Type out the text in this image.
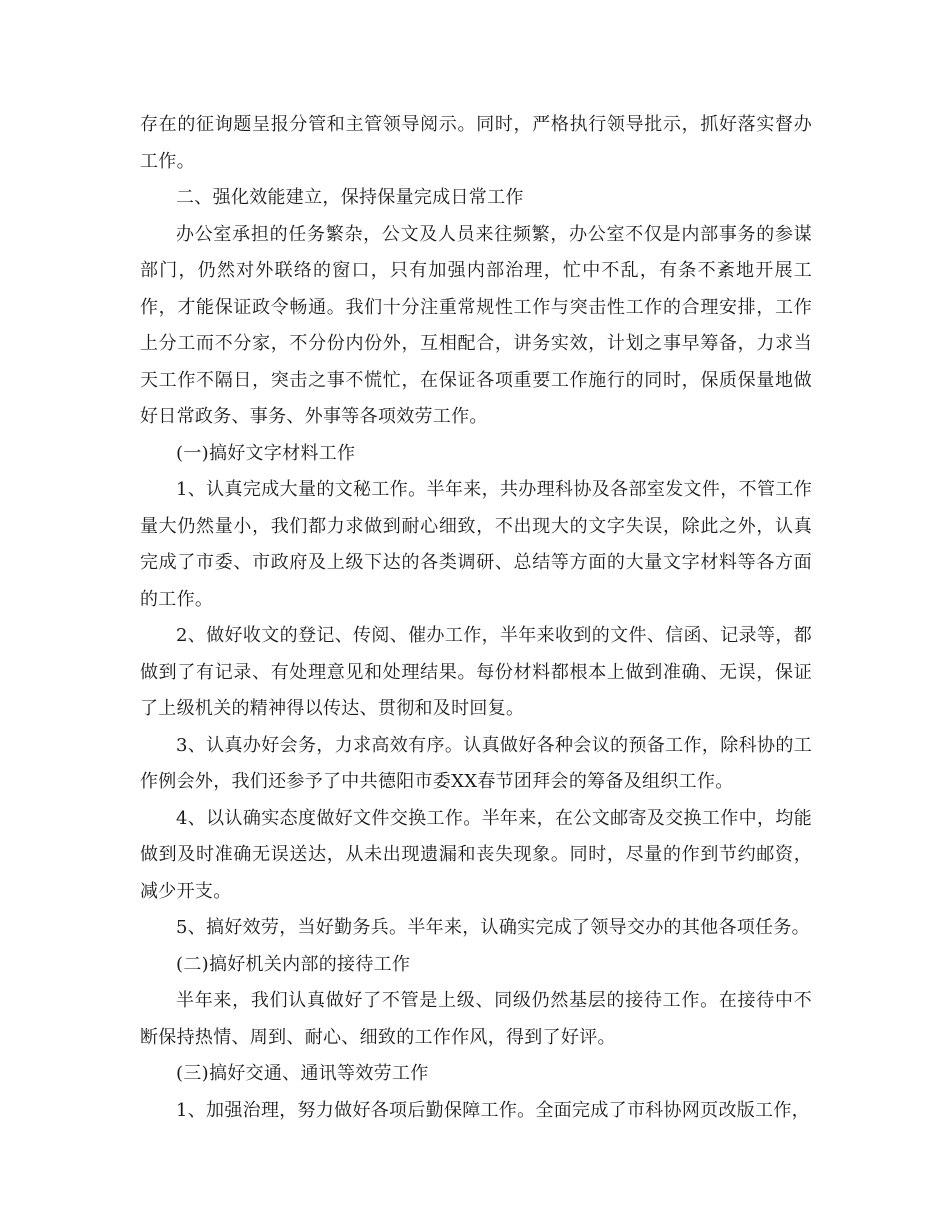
存在的征询题呈报分管和主管领导阅示。同时，严格执行领导批示，抓好落实督办工作。

二、强化效能建立，保持保量完成日常工作

办公室承担的任务繁杂，公文及人员来往频繁，办公室不仅是内部事务的参谋部门，仍然对外联络的窗口，只有加强内部治理，忙中不乱，有条不紊地开展工作，才能保证政令畅通。我们十分注重常规性工作与突击性工作的合理安排，工作上分工而不分家，不分份内份外，互相配合，讲务实效，计划之事早筹备，力求当天工作不隔日，突击之事不慌忙，在保证各项重要工作施行的同时，保质保量地做好日常政务、事务、外事等各项效劳工作。

(一)搞好文字材料工作

1、认真完成大量的文秘工作。半年来，共办理科协及各部室发文件，不管工作量大仍然量小，我们都力求做到耐心细致，不出现大的文字失误，除此之外，认真完成了市委、市政府及上级下达的各类调研、总结等方面的大量文字材料等各方面的工作。

2、做好收文的登记、传阅、催办工作，半年来收到的文件、信函、记录等，都做到了有记录、有处理意见和处理结果。每份材料都根本上做到准确、无误，保证了上级机关的精神得以传达、贯彻和及时回复。

3、认真办好会务，力求高效有序。认真做好各种会议的预备工作，除科协的工作例会外，我们还参予了中共德阳市委XX春节团拜会的筹备及组织工作。

4、以认确实态度做好文件交换工作。半年来，在公文邮寄及交换工作中，均能做到及时准确无误送达，从未出现遗漏和丧失现象。同时，尽量的作到节约邮资，减少开支。

5、搞好效劳，当好勤务兵。半年来，认确实完成了领导交办的其他各项任务。

(二)搞好机关内部的接待工作

半年来，我们认真做好了不管是上级、同级仍然基层的接待工作。在接待中不断保持热情、周到、耐心、细致的工作作风，得到了好评。

(三)搞好交通、通讯等效劳工作

1、加强治理，努力做好各项后勤保障工作。全面完成了市科协网页改版工作，
